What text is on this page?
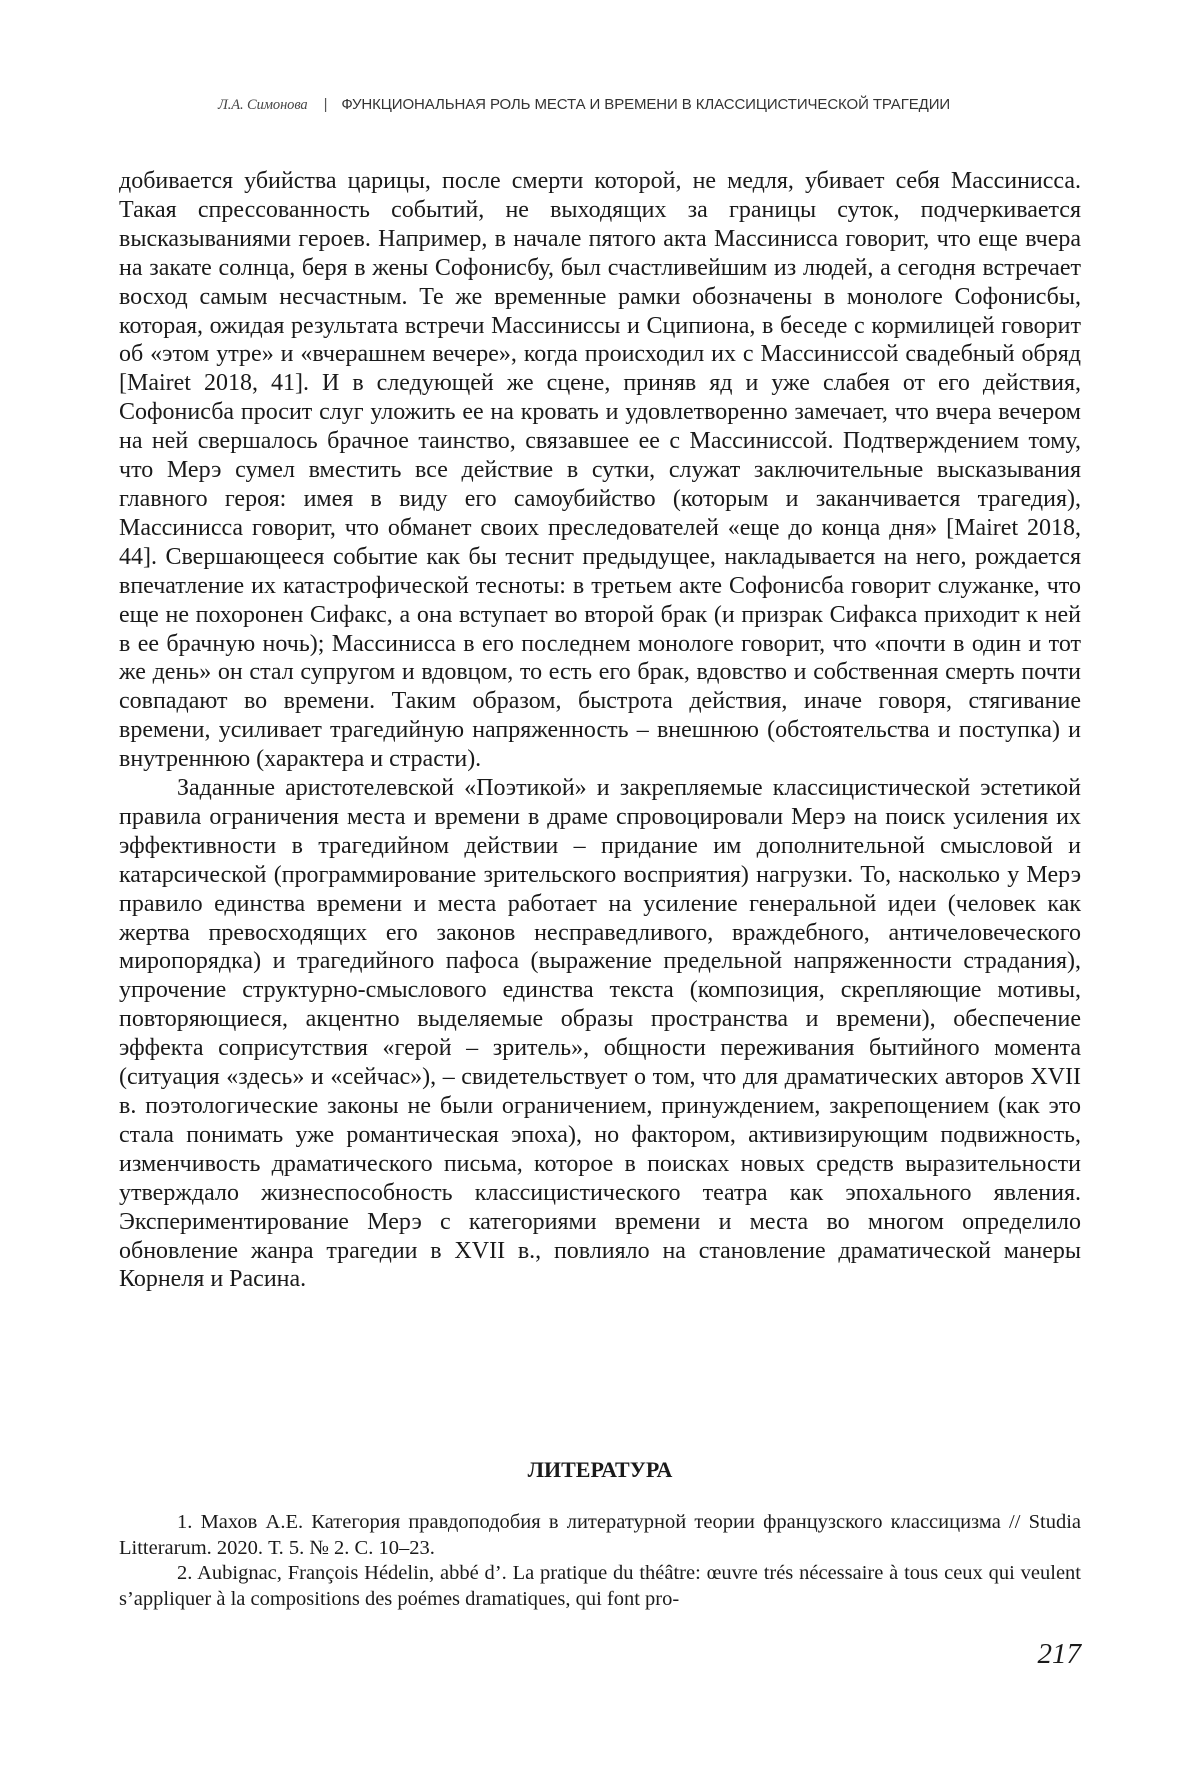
Л.А. Симонова | ФУНКЦИОНАЛЬНАЯ РОЛЬ МЕСТА И ВРЕМЕНИ В КЛАССИЦИСТИЧЕСКОЙ ТРАГЕДИИ

добивается убийства царицы, после смерти которой, не медля, убивает себя Массинисса. Такая спрессованность событий, не выходящих за границы суток, подчеркивается высказываниями героев. Например, в начале пятого акта Массинисса говорит, что еще вчера на закате солнца, беря в жены Софонисбу, был счастливейшим из людей, а сегодня встречает восход самым несчастным. Те же временные рамки обозначены в монологе Софонисбы, которая, ожидая результата встречи Массиниссы и Сципиона, в беседе с кормилицей говорит об «этом утре» и «вчерашнем вечере», когда происходил их с Массиниссой свадебный обряд [Mairet 2018, 41]. И в следующей же сцене, приняв яд и уже слабея от его действия, Софонисба просит слуг уложить ее на кровать и удовлетворенно замечает, что вчера вечером на ней свершалось брачное таинство, связавшее ее с Массиниссой. Подтверждением тому, что Мерэ сумел вместить все действие в сутки, служат заключительные высказывания главного героя: имея в виду его самоубийство (которым и заканчивается трагедия), Массинисса говорит, что обманет своих преследователей «еще до конца дня» [Mairet 2018, 44]. Свершающееся событие как бы теснит предыдущее, накладывается на него, рождается впечатление их катастрофической тесноты: в третьем акте Софонисба говорит служанке, что еще не похоронен Сифакс, а она вступает во второй брак (и призрак Сифакса приходит к ней в ее брачную ночь); Массинисса в его последнем монологе говорит, что «почти в один и тот же день» он стал супругом и вдовцом, то есть его брак, вдовство и собственная смерть почти совпадают во времени. Таким образом, быстрота действия, иначе говоря, стягивание времени, усиливает трагедийную напряженность – внешнюю (обстоятельства и поступка) и внутреннюю (характера и страсти).

Заданные аристотелевской «Поэтикой» и закрепляемые классицистической эстетикой правила ограничения места и времени в драме спровоцировали Мерэ на поиск усиления их эффективности в трагедийном действии – придание им дополнительной смысловой и катарсической (программирование зрительского восприятия) нагрузки. То, насколько у Мерэ правило единства времени и места работает на усиление генеральной идеи (человек как жертва превосходящих его законов несправедливого, враждебного, античеловеческого миропорядка) и трагедийного пафоса (выражение предельной напряженности страдания), упрочение структурно-смыслового единства текста (композиция, скрепляющие мотивы, повторяющиеся, акцентно выделяемые образы пространства и времени), обеспечение эффекта соприсутствия «герой – зритель», общности переживания бытийного момента (ситуация «здесь» и «сейчас»), – свидетельствует о том, что для драматических авторов XVII в. поэтологические законы не были ограничением, принуждением, закрепощением (как это стала понимать уже романтическая эпоха), но фактором, активизирующим подвижность, изменчивость драматического письма, которое в поисках новых средств выразительности утверждало жизнеспособность классицистического театра как эпохального явления. Экспериментирование Мерэ с категориями времени и места во многом определило обновление жанра трагедии в XVII в., повлияло на становление драматической манеры Корнеля и Расина.

ЛИТЕРАТУРА

1. Махов А.Е. Категория правдоподобия в литературной теории французского классицизма // Studia Litterarum. 2020. Т. 5. № 2. С. 10–23.

2. Aubignac, François Hédelin, abbé d’. La pratique du théâtre: œuvre trés nécessaire à tous ceux qui veulent s’appliquer à la compositions des poémes dramatiques, qui font pro-

217
